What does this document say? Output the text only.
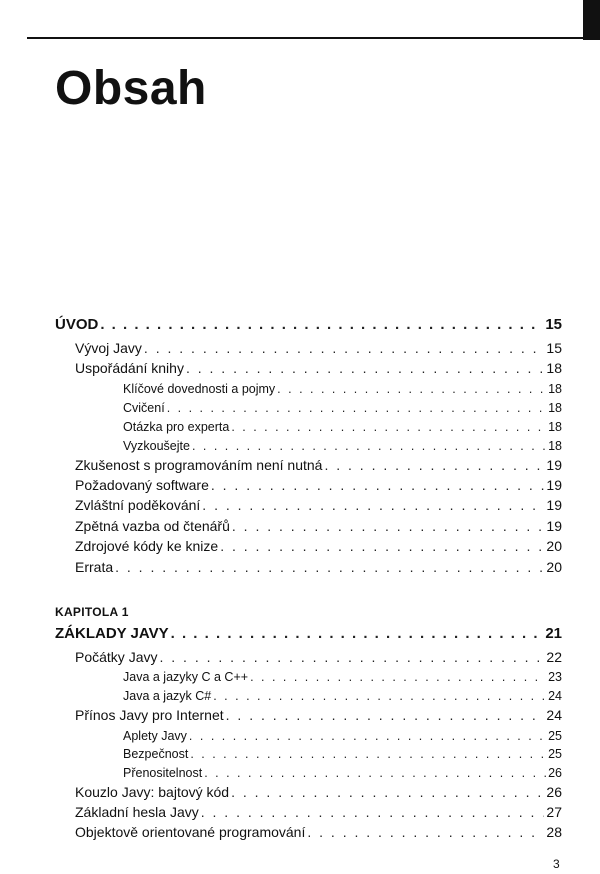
Obsah
ÚVOD . . .	15
Vývoj Javy . . .	15
Uspořádání knihy . . .	18
Klíčové dovednosti a pojmy . . .	18
Cvičení . . .	18
Otázka pro experta . . .	18
Vyzkoušejte . . .	18
Zkušenost s programováním není nutná . . .	19
Požadovaný software . . .	19
Zvláštní poděkování . . .	19
Zpětná vazba od čtenářů . . .	19
Zdrojové kódy ke knize . . .	20
Errata . . .	20
KAPITOLA 1
ZÁKLADY JAVY . . .	21
Počátky Javy . . .	22
Java a jazyky C a C++ . . .	23
Java a jazyk C# . . .	24
Přínos Javy pro Internet . . .	24
Aplety Javy . . .	25
Bezpečnost . . .	25
Přenositelnost . . .	26
Kouzlo Javy: bajtový kód . . .	26
Základní hesla Javy . . .	27
Objektově orientované programování . . .	28
3
